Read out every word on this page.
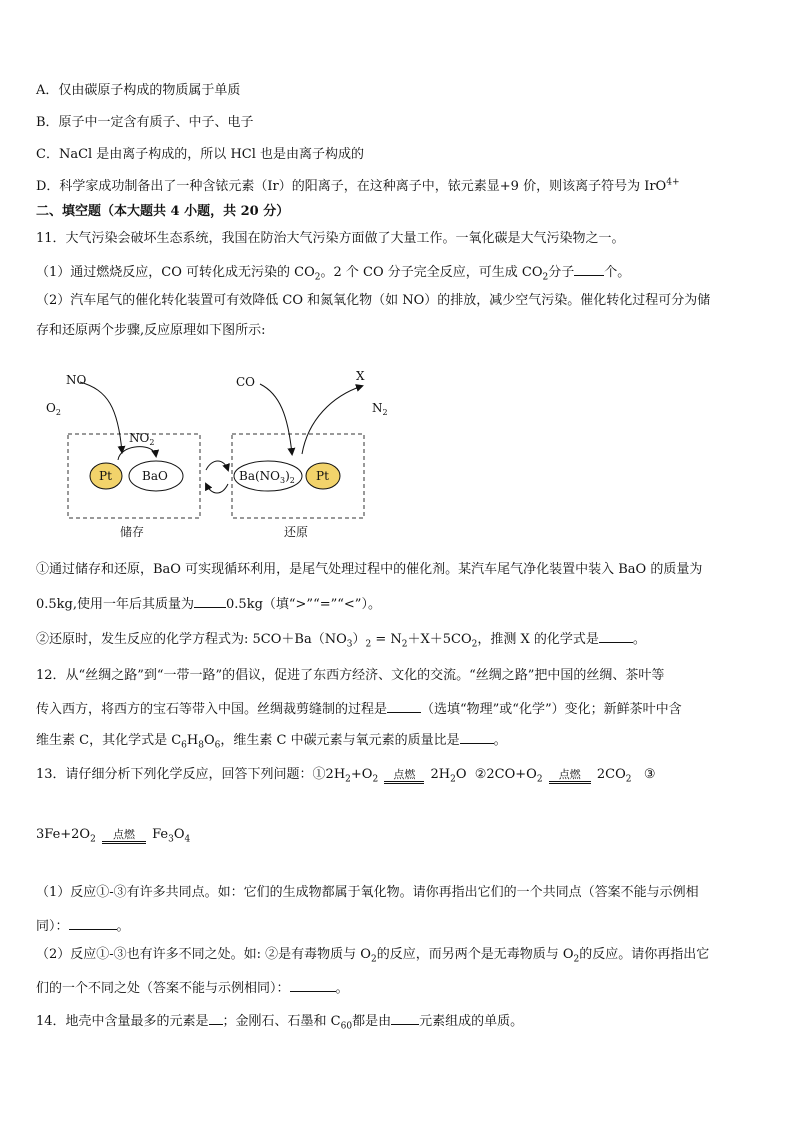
A．仅由碳原子构成的物质属于单质
B．原子中一定含有质子、中子、电子
C．NaCl 是由离子构成的，所以 HCl 也是由离子构成的
D．科学家成功制备出了一种含铱元素（Ir）的阳离子，在这种离子中，铱元素显+9 价，则该离子符号为 IrO$^{4+}$
二、填空题（本大题共 4 小题，共 20 分）
11．大气污染会破坏生态系统，我国在防治大气污染方面做了大量工作。一氧化碳是大气污染物之一。
（1）通过燃烧反应，CO 可转化成无污染的 $CO_2$。2 个 CO 分子完全反应，可生成 $CO_2$分子 个。
（2）汽车尾气的催化转化装置可有效降低 CO 和氮氧化物（如 NO）的排放，减少空气污染。催化转化过程可分为储
存和还原两个步骤,反应原理如下图所示:
NO
$O_2$
$NO_2$
Pt	BaO
CO	X
$N_2$
$Ba(NO_3)_2$ Pt
储存	还原
①通过储存和还原，BaO 可实现循环利用，是尾气处理过程中的催化剂。某汽车尾气净化装置中装入 BaO 的质量为
0.5kg,使用一年后其质量为 0.5kg（填“>”“=”“<”）。
②还原时，发生反应的化学方程式为: $5CO+Ba(NO_3)_2 = N_2+X+5CO_2$，推测 X 的化学式是	。
12．从“丝绸之路”到“一带一路”的倡议，促进了东西方经济、文化的交流。“丝绸之路”把中国的丝绸、茶叶等
传入西方，将西方的宝石等带入中国。丝绸裁剪缝制的过程是	（选填“物理”或“化学”）变化；新鲜茶叶中含
维生素 C，其化学式是 $C_6H_8O_6$，维生素 C 中碳元素与氧元素的质量比是	。
13．请仔细分析下列化学反应，回答下列问题：$①2H_2+O_2$	点燃	$2H_2O$ $②2CO+O_2$	点燃	$2CO_2$ ③
$3Fe+2O_2$	点燃	$Fe_3O_4$
（1）反应①-③有许多共同点。如：它们的生成物都属于氧化物。请你再指出它们的一个共同点（答案不能与示例相
同）：	。
（2）反应①-③也有许多不同之处。如: ②是有毒物质与 $O_2$的反应，而另两个是无毒物质与 $O_2$的反应。请你再指出它
们的一个不同之处（答案不能与示例相同）：	。
14．地壳中含量最多的元素是 ；金刚石、石墨和 $C_{60}$都是由 元素组成的单质。
